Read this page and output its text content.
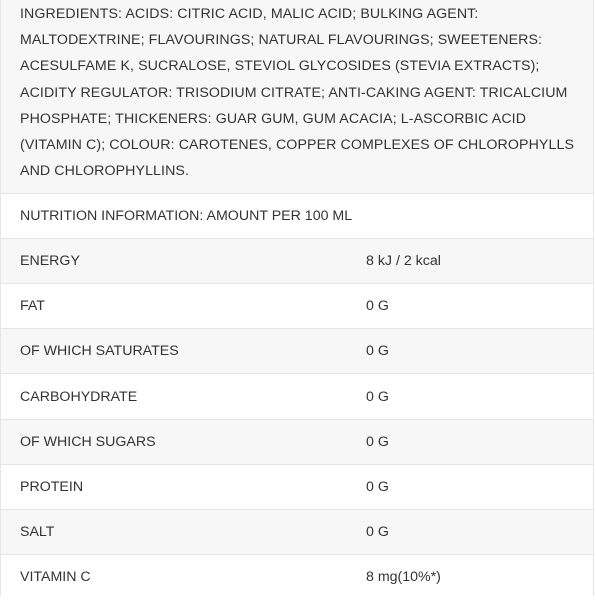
INGREDIENTS: ACIDS: CITRIC ACID, MALIC ACID; BULKING AGENT: MALTODEXTRINE; FLAVOURINGS; NATURAL FLAVOURINGS; SWEETENERS: ACESULFAME K, SUCRALOSE, STEVIOL GLYCOSIDES (STEVIA EXTRACTS); ACIDITY REGULATOR: TRISODIUM CITRATE; ANTI-CAKING AGENT: TRICALCIUM PHOSPHATE; THICKENERS: GUAR GUM, GUM ACACIA; L-ASCORBIC ACID (VITAMIN C); COLOUR: CAROTENES, COPPER COMPLEXES OF CHLOROPHYLLS AND CHLOROPHYLLINS.

NUTRITION INFORMATION: AMOUNT PER 100 ML
ENERGY	8 kJ / 2 kcal
FAT	0 G
OF WHICH SATURATES	0 G
CARBOHYDRATE	0 G
OF WHICH SUGARS	0 G
PROTEIN	0 G
SALT	0 G
VITAMIN C	8 mg(10%*)
